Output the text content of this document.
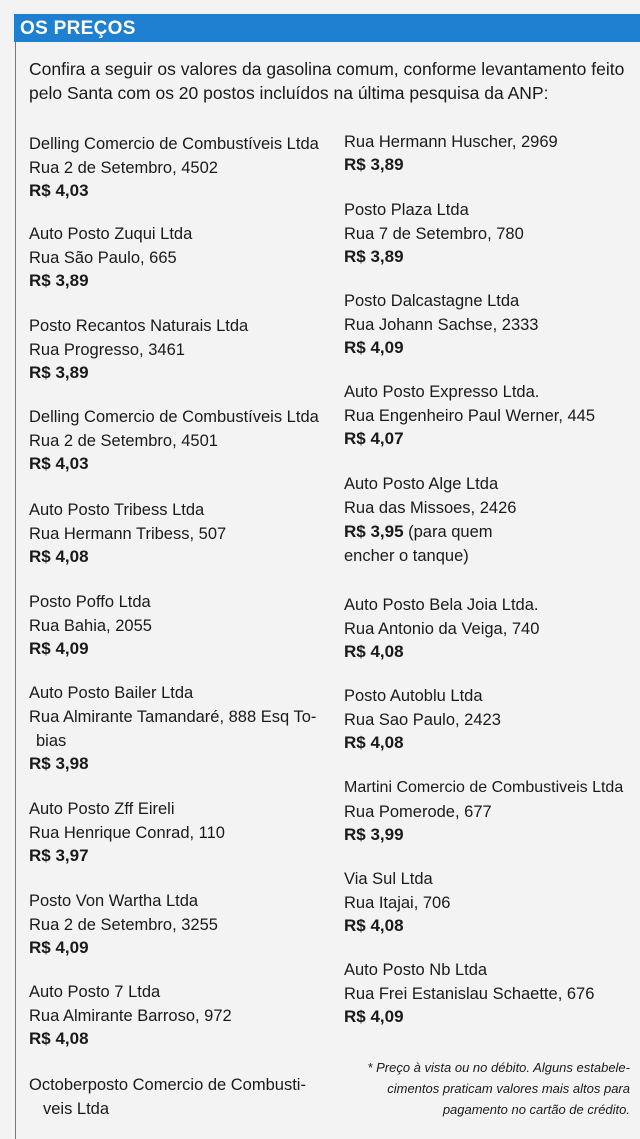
OS PREÇOS
Confira a seguir os valores da gasolina comum, conforme levantamento feito pelo Santa com os 20 postos incluídos na última pesquisa da ANP:
Delling Comercio de Combustíveis Ltda
Rua 2 de Setembro, 4502
R$ 4,03
Auto Posto Zuqui Ltda
Rua São Paulo, 665
R$ 3,89
Posto Recantos Naturais Ltda
Rua Progresso, 3461
R$ 3,89
Delling Comercio de Combustíveis Ltda
Rua 2 de Setembro, 4501
R$ 4,03
Auto Posto Tribess Ltda
Rua Hermann Tribess, 507
R$ 4,08
Posto Poffo Ltda
Rua Bahia, 2055
R$ 4,09
Auto Posto Bailer Ltda
Rua Almirante Tamandaré, 888 Esq To-
bias
R$ 3,98
Auto Posto Zff Eireli
Rua Henrique Conrad, 110
R$ 3,97
Posto Von Wartha Ltda
Rua 2 de Setembro, 3255
R$ 4,09
Auto Posto 7 Ltda
Rua Almirante Barroso, 972
R$ 4,08
Octoberposto Comercio de Combusti-
veis Ltda
Rua Hermann Huscher, 2969
R$ 3,89
Posto Plaza Ltda
Rua 7 de Setembro, 780
R$ 3,89
Posto Dalcastagne Ltda
Rua Johann Sachse, 2333
R$ 4,09
Auto Posto Expresso Ltda.
Rua Engenheiro Paul Werner, 445
R$ 4,07
Auto Posto Alge Ltda
Rua das Missoes, 2426
R$ 3,95 (para quem
encher o tanque)
Auto Posto Bela Joia Ltda.
Rua Antonio da Veiga, 740
R$ 4,08
Posto Autoblu Ltda
Rua Sao Paulo, 2423
R$ 4,08
Martini Comercio de Combustiveis Ltda
Rua Pomerode, 677
R$ 3,99
Via Sul Ltda
Rua Itajai, 706
R$ 4,08
Auto Posto Nb Ltda
Rua Frei Estanislau Schaette, 676
R$ 4,09
* Preço à vista ou no débito. Alguns estabele-
cimentos praticam valores mais altos para
pagamento no cartão de crédito.
